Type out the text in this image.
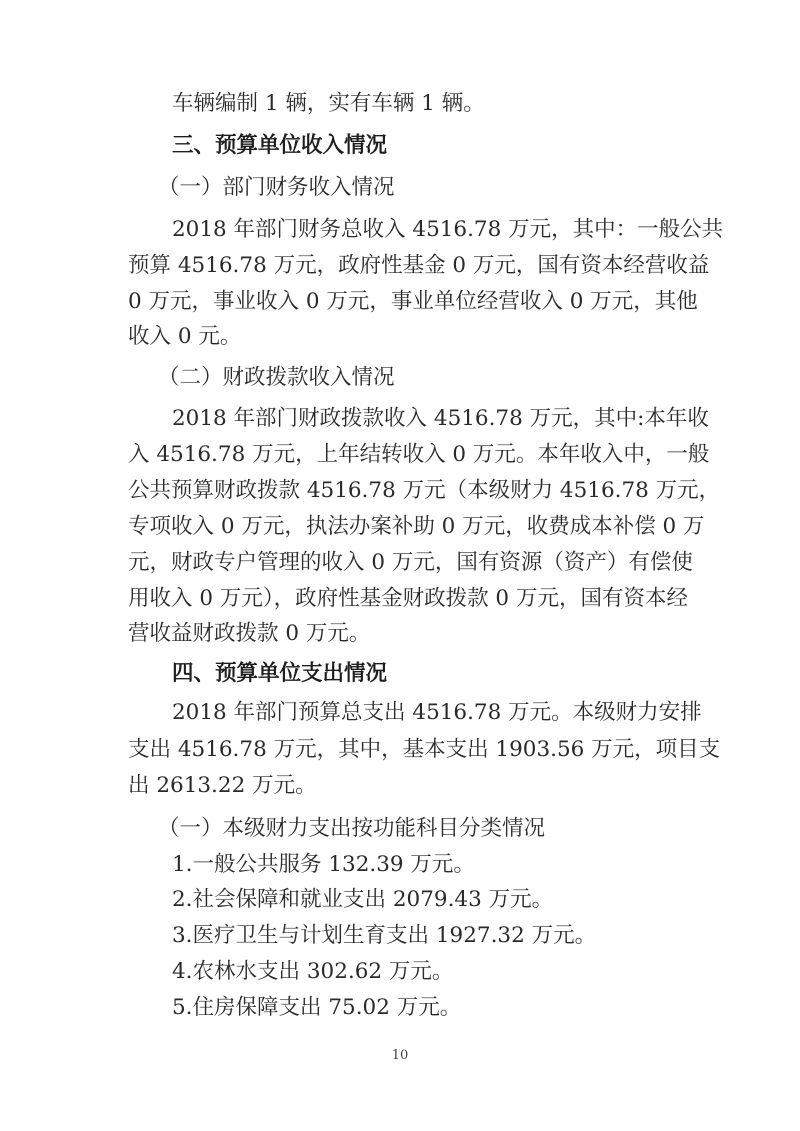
车辆编制 1 辆，实有车辆 1 辆。
三、预算单位收入情况
（一）部门财务收入情况
2018 年部门财务总收入 4516.78 万元，其中：一般公共
预算 4516.78 万元，政府性基金 0 万元，国有资本经营收益
0 万元，事业收入 0 万元，事业单位经营收入 0 万元，其他
收入 0 元。
（二）财政拨款收入情况
2018 年部门财政拨款收入 4516.78 万元，其中:本年收
入 4516.78 万元，上年结转收入 0 万元。本年收入中，一般
公共预算财政拨款 4516.78 万元（本级财力 4516.78 万元，
专项收入 0 万元，执法办案补助 0 万元，收费成本补偿 0 万
元，财政专户管理的收入 0 万元，国有资源（资产）有偿使
用收入 0 万元），政府性基金财政拨款 0 万元，国有资本经
营收益财政拨款 0 万元。
四、预算单位支出情况
2018 年部门预算总支出 4516.78 万元。本级财力安排
支出 4516.78 万元，其中，基本支出 1903.56 万元，项目支
出 2613.22 万元。
（一）本级财力支出按功能科目分类情况
1.一般公共服务 132.39 万元。
2.社会保障和就业支出 2079.43 万元。
3.医疗卫生与计划生育支出 1927.32 万元。
4.农林水支出 302.62 万元。
5.住房保障支出 75.02 万元。
10
